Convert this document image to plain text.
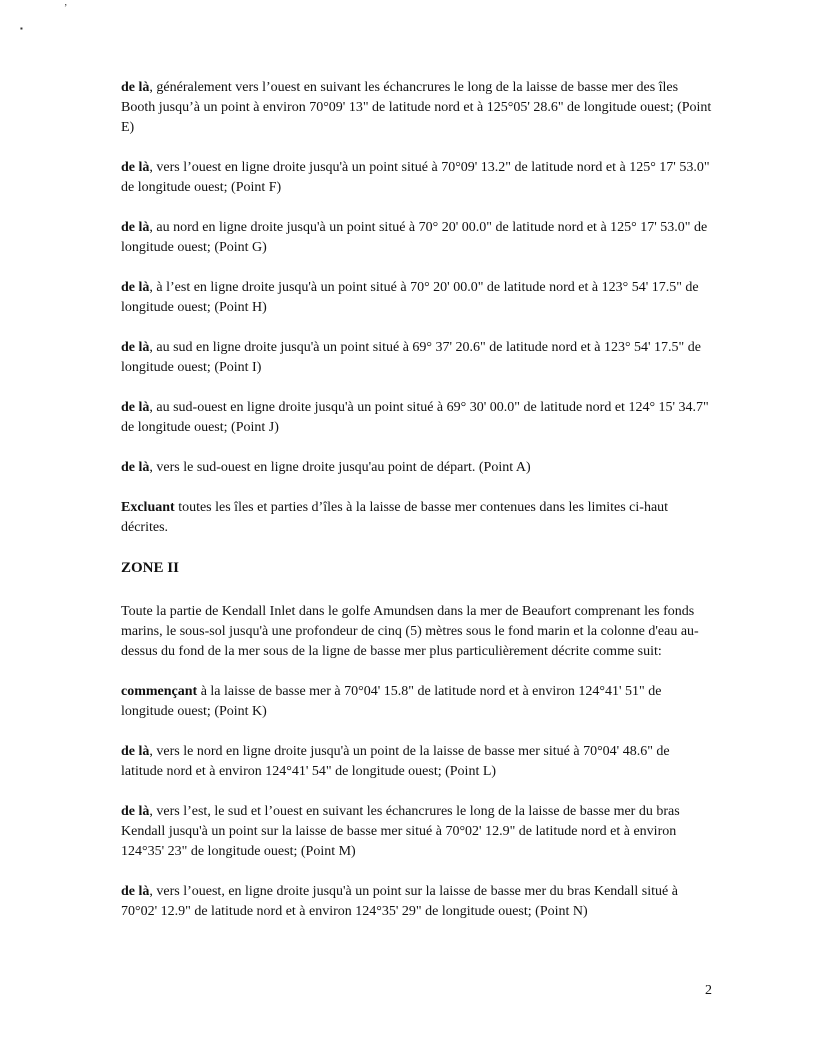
’
▪

de là, généralement vers l’ouest en suivant les échancrures le long de la laisse de basse mer des îles Booth jusqu’à un point à environ 70°09' 13" de latitude nord et à 125°05' 28.6" de longitude ouest; (Point E)

de là, vers l’ouest en ligne droite jusqu'à un point situé à 70°09' 13.2" de latitude nord et à 125° 17' 53.0" de longitude ouest; (Point F)

de là, au nord en ligne droite jusqu'à un point situé à 70° 20' 00.0" de latitude nord et à 125° 17' 53.0" de longitude ouest; (Point G)

de là, à l’est en ligne droite jusqu'à un point situé à 70° 20' 00.0" de latitude nord et à 123° 54' 17.5" de longitude ouest; (Point H)

de là, au sud en ligne droite jusqu'à un point situé à 69° 37' 20.6" de latitude nord et à 123° 54' 17.5" de longitude ouest; (Point I)

de là, au sud-ouest en ligne droite jusqu'à un point situé à 69° 30' 00.0" de latitude nord et 124° 15' 34.7" de longitude ouest; (Point J)

de là, vers le sud-ouest en ligne droite jusqu'au point de départ. (Point A)

Excluant toutes les îles et parties d’îles à la laisse de basse mer contenues dans les limites ci-haut décrites.

ZONE II

Toute la partie de Kendall Inlet dans le golfe Amundsen dans la mer de Beaufort comprenant les fonds marins, le sous-sol jusqu'à une profondeur de cinq (5) mètres sous le fond marin et la colonne d'eau au-dessus du fond de la mer sous de la ligne de basse mer plus particulièrement décrite comme suit:

commençant à la laisse de basse mer à 70°04' 15.8" de latitude nord et à environ 124°41' 51" de longitude ouest; (Point K)

de là, vers le nord en ligne droite jusqu'à un point de la laisse de basse mer situé à 70°04' 48.6" de latitude nord et à environ 124°41' 54" de longitude ouest; (Point L)

de là, vers l’est, le sud et l’ouest en suivant les échancrures le long de la laisse de basse mer du bras Kendall jusqu'à un point sur la laisse de basse mer situé à 70°02' 12.9" de latitude nord et à environ 124°35' 23" de longitude ouest; (Point M)

de là, vers l’ouest, en ligne droite jusqu'à un point sur la laisse de basse mer du bras Kendall situé à 70°02' 12.9" de latitude nord et à environ 124°35' 29" de longitude ouest; (Point N)

2
